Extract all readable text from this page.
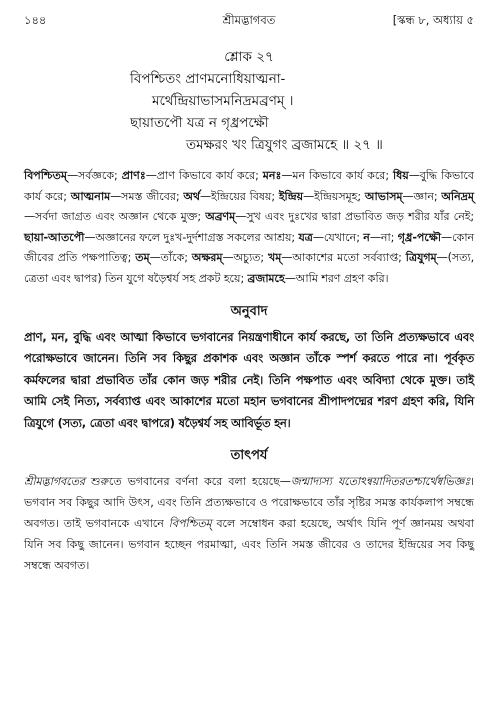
১৪৪	শ্রীমদ্ভাগবত	[স্কন্ধ ৮, অধ্যায় ৫
শ্লোক ২৭
বিপশ্চিতং প্রাণমনোধিয়াত্মনা-
মর্থেন্দ্রিয়াভাসমনিদ্রমব্রণম্ ।
ছায়াতপৌ যত্র ন গৃধ্রপক্ষৌ
তমক্ষরং খং ত্রিযুগং ব্রজামহে ॥ ২৭ ॥
বিপশ্চিতম্—সর্বজ্ঞকে; প্রাণঃ—প্রাণ কিভাবে কার্য করে; মনঃ—মন কিভাবে কার্য করে; ধিয়—বুদ্ধি কিভাবে কার্য করে; আত্মনাম—সমস্ত জীবের; অর্থ—ইন্দ্রিয়ের বিষয়; ইন্দ্রিয়—ইন্দ্রিয়সমূহ; আভাসম্—জ্ঞান; অনিদ্রম্—সর্বদা জাগ্রত এবং অজ্ঞান থেকে মুক্ত; অব্রণম্—সুখ এবং দুঃখের দ্বারা প্রভাবিত জড় শরীর যাঁর নেই; ছায়া-আতপৌ—অজ্ঞানের ফলে দুঃখ-দুর্দশাগ্রস্ত সকলের আশ্রয়; যত্র—যেখানে; ন—না; গৃধ্র-পক্ষৌ—কোন জীবের প্রতি পক্ষপাতিত্ব; তম্—তাঁকে; অক্ষরম্—অচ্যুত; খম্—আকাশের মতো সর্বব্যাপ্ত; ত্রিযুগম্—(সত্য, ত্রেতা এবং দ্বাপর) তিন যুগে ষড়ৈশ্বর্য সহ প্রকট হয়ে; ব্রজামহে—আমি শরণ গ্রহণ করি।
অনুবাদ
প্রাণ, মন, বুদ্ধি এবং আত্মা কিভাবে ভগবানের নিয়ন্ত্রণাধীনে কার্য করছে, তা তিনি প্রত্যক্ষভাবে এবং পরোক্ষভাবে জানেন। তিনি সব কিছুর প্রকাশক এবং অজ্ঞান তাঁকে স্পর্শ করতে পারে না। পূর্বকৃত কর্মফলের দ্বারা প্রভাবিত তাঁর কোন জড় শরীর নেই। তিনি পক্ষপাত এবং অবিদ্যা থেকে মুক্ত। তাই আমি সেই নিত্য, সর্বব্যাপ্ত এবং আকাশের মতো মহান ভগবানের শ্রীপাদপদ্মের শরণ গ্রহণ করি, যিনি ত্রিযুগে (সত্য, ত্রেতা এবং দ্বাপরে) ষড়ৈশ্বর্য সহ আবির্ভূত হন।
তাৎপর্য
শ্রীমদ্ভাগবতের শুরুতে ভগবানের বর্ণনা করে বলা হয়েছে—জন্মাদ্যস্য যতোঽন্বয়াদিতরতশ্চার্থেষ্বভিজ্ঞঃ। ভগবান সব কিছুর আদি উৎস, এবং তিনি প্রত্যক্ষভাবে ও পরোক্ষভাবে তাঁর সৃষ্টির সমস্ত কার্যকলাপ সম্বন্ধে অবগত। তাই ভগবানকে এখানে বিপশ্চিতম্ বলে সম্বোধন করা হয়েছে, অর্থাৎ যিনি পূর্ণ জ্ঞানময় অথবা যিনি সব কিছু জানেন। ভগবান হচ্ছেন পরমাত্মা, এবং তিনি সমস্ত জীবের ও তাদের ইন্দ্রিয়ের সব কিছু সম্বন্ধে অবগত।
